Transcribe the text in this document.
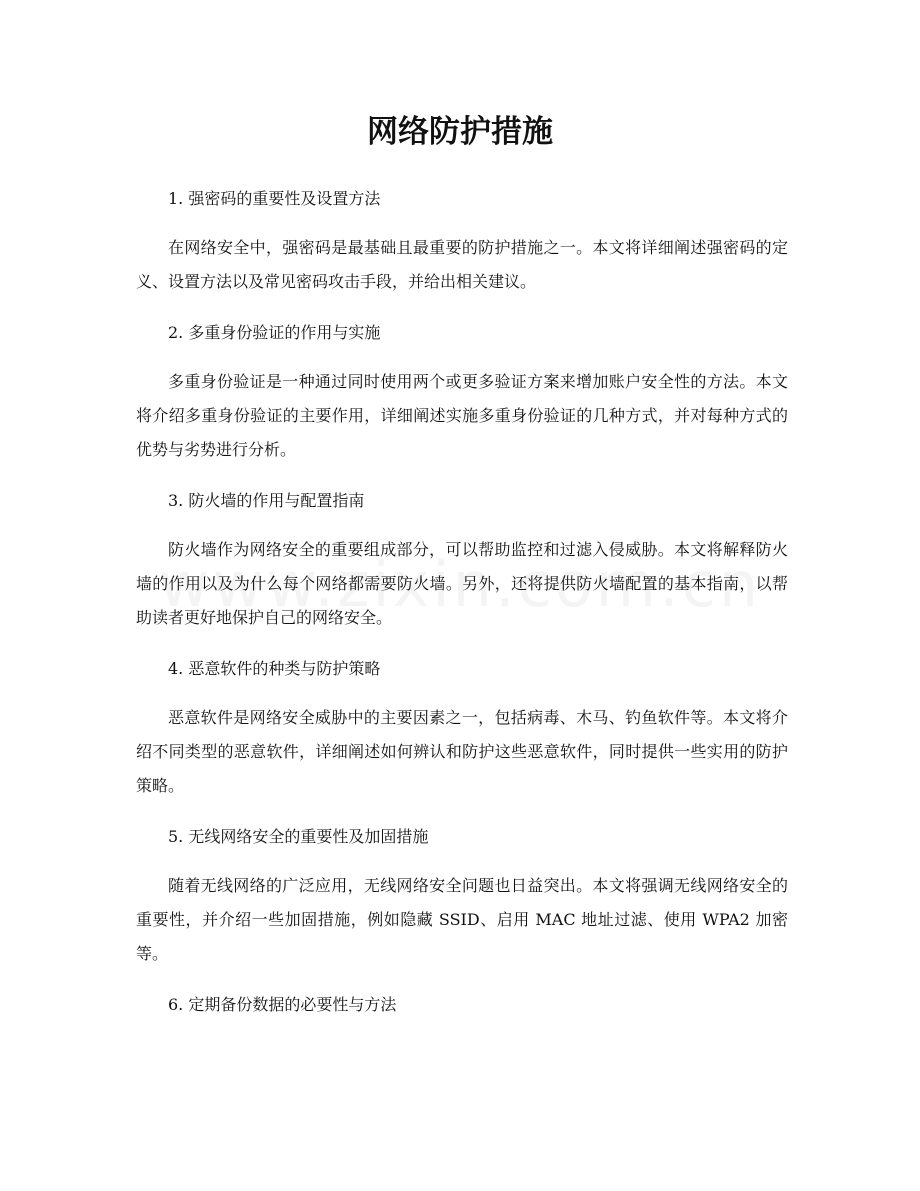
网络防护措施
1. 强密码的重要性及设置方法

在网络安全中，强密码是最基础且最重要的防护措施之一。本文将详细阐述强密码的定义、设置方法以及常见密码攻击手段，并给出相关建议。

2. 多重身份验证的作用与实施

多重身份验证是一种通过同时使用两个或更多验证方案来增加账户安全性的方法。本文将介绍多重身份验证的主要作用，详细阐述实施多重身份验证的几种方式，并对每种方式的优势与劣势进行分析。

3. 防火墙的作用与配置指南

防火墙作为网络安全的重要组成部分，可以帮助监控和过滤入侵威胁。本文将解释防火墙的作用以及为什么每个网络都需要防火墙。另外，还将提供防火墙配置的基本指南，以帮助读者更好地保护自己的网络安全。

4. 恶意软件的种类与防护策略

恶意软件是网络安全威胁中的主要因素之一，包括病毒、木马、钓鱼软件等。本文将介绍不同类型的恶意软件，详细阐述如何辨认和防护这些恶意软件，同时提供一些实用的防护策略。

5. 无线网络安全的重要性及加固措施

随着无线网络的广泛应用，无线网络安全问题也日益突出。本文将强调无线网络安全的重要性，并介绍一些加固措施，例如隐藏 SSID、启用 MAC 地址过滤、使用 WPA2 加密等。

6. 定期备份数据的必要性与方法
